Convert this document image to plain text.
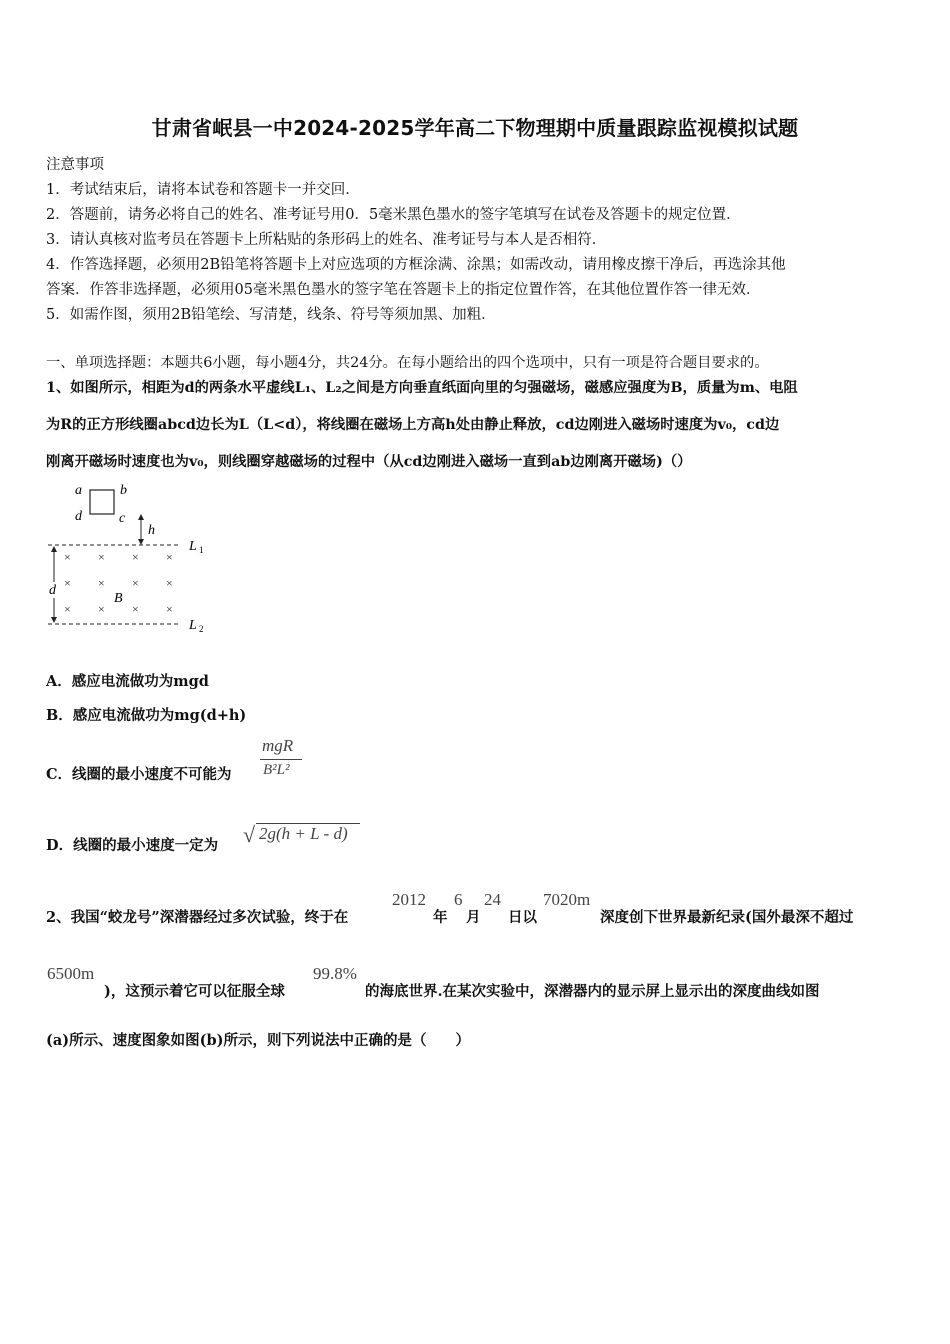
甘肃省岷县一中2024-2025学年高二下物理期中质量跟踪监视模拟试题
注意事项
1．考试结束后，请将本试卷和答题卡一并交回．
2．答题前，请务必将自己的姓名、准考证号用0．5毫米黑色墨水的签字笔填写在试卷及答题卡的规定位置．
3．请认真核对监考员在答题卡上所粘贴的条形码上的姓名、准考证号与本人是否相符．
4．作答选择题，必须用2B铅笔将答题卡上对应选项的方框涂满、涂黑；如需改动，请用橡皮擦干净后，再选涂其他
答案．作答非选择题，必须用05毫米黑色墨水的签字笔在答题卡上的指定位置作答，在其他位置作答一律无效．
5．如需作图，须用2B铅笔绘、写清楚，线条、符号等须加黑、加粗．
一、单项选择题：本题共6小题，每小题4分，共24分。在每小题给出的四个选项中，只有一项是符合题目要求的。
1、如图所示，相距为d的两条水平虚线L₁、L₂之间是方向垂直纸面向里的匀强磁场，磁感应强度为B，质量为m、电阻
为R的正方形线圈abcd边长为L（L<d），将线圈在磁场上方高h处由静止释放，cd边刚进入磁场时速度为v₀，cd边
刚离开磁场时速度也为v₀，则线圈穿越磁场的过程中（从cd边刚进入磁场一直到ab边刚离开磁场)（）
a	b
d	c
h
L 1
L 2
d
B
× × × ×
× × × ×
× × × ×
A．感应电流做功为mgd
B．感应电流做功为mg(d+h)
C．线圈的最小速度不可能为
mgR
B²L²
D．线圈的最小速度一定为 √ 2g(h + L - d)
2、我国“蛟龙号”深潜器经过多次试验，终于在
2012
年
6
月
24
日以
7020m
深度创下世界最新纪录(国外最深不超过
6500m
)，这预示着它可以征服全球
99.8%
的海底世界.在某次实验中，深潜器内的显示屏上显示出的深度曲线如图
(a)所示、速度图象如图(b)所示，则下列说法中正确的是（　　）
